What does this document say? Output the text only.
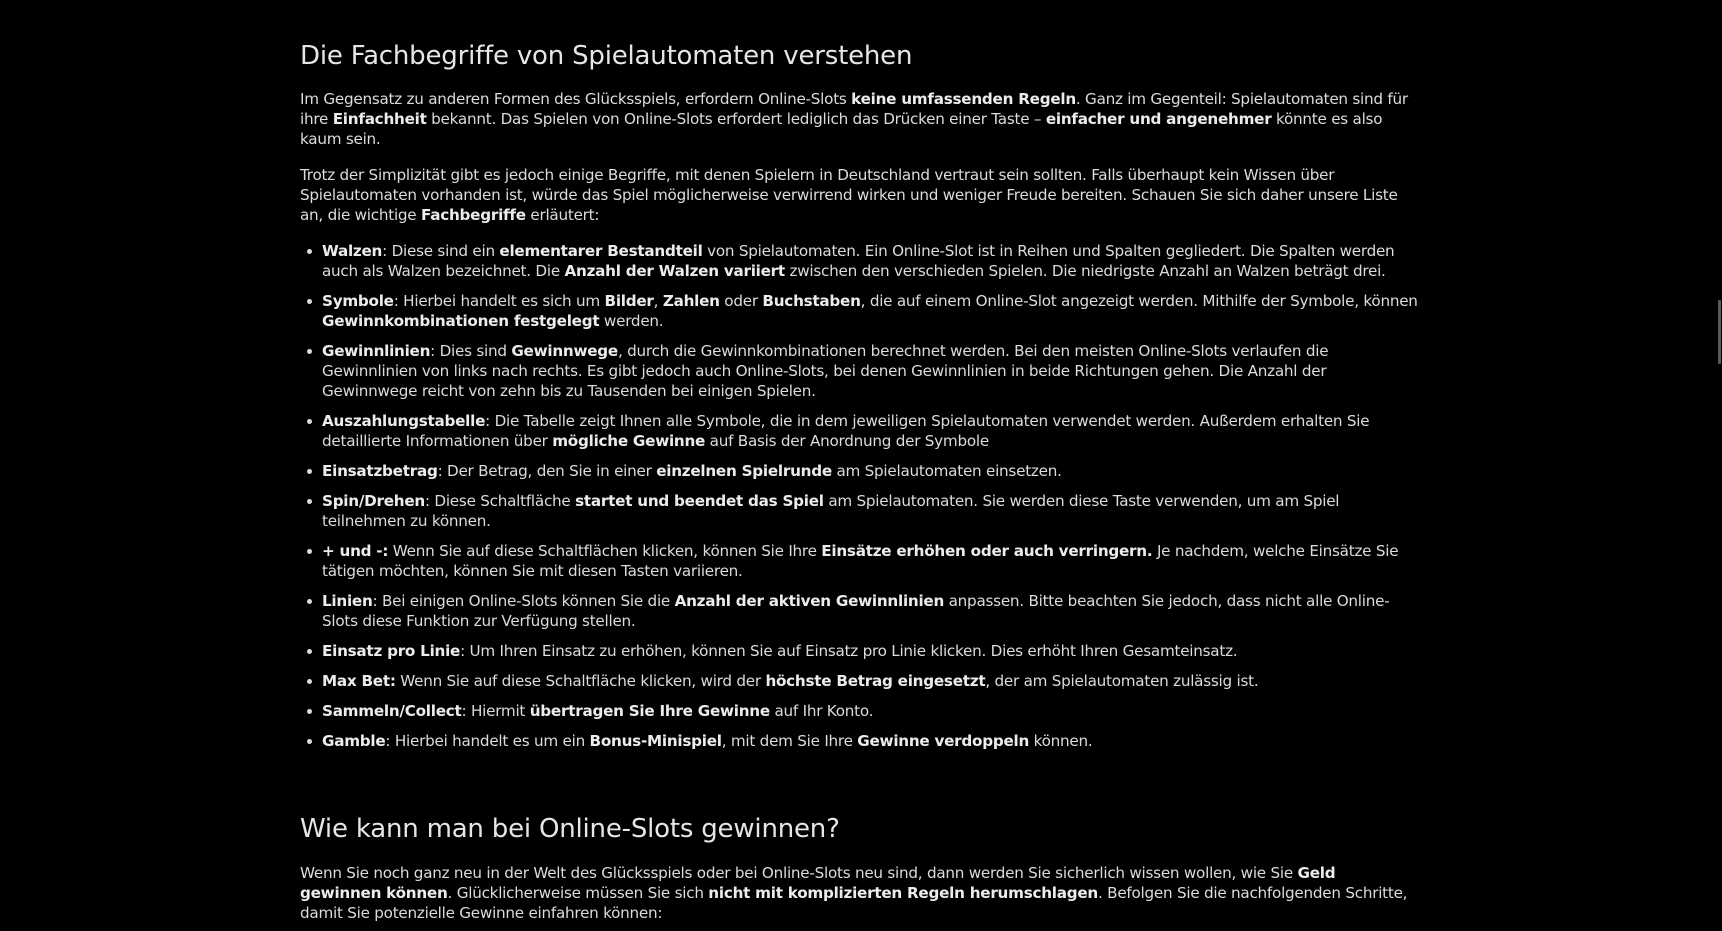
Die Fachbegriffe von Spielautomaten verstehen

Im Gegensatz zu anderen Formen des Glücksspiels, erfordern Online-Slots keine umfassenden Regeln. Ganz im Gegenteil: Spielautomaten sind für ihre Einfachheit bekannt. Das Spielen von Online-Slots erfordert lediglich das Drücken einer Taste – einfacher und angenehmer könnte es also kaum sein.

Trotz der Simplizität gibt es jedoch einige Begriffe, mit denen Spielern in Deutschland vertraut sein sollten. Falls überhaupt kein Wissen über Spielautomaten vorhanden ist, würde das Spiel möglicherweise verwirrend wirken und weniger Freude bereiten. Schauen Sie sich daher unsere Liste an, die wichtige Fachbegriffe erläutert:

Walzen: Diese sind ein elementarer Bestandteil von Spielautomaten. Ein Online-Slot ist in Reihen und Spalten gegliedert. Die Spalten werden auch als Walzen bezeichnet. Die Anzahl der Walzen variiert zwischen den verschieden Spielen. Die niedrigste Anzahl an Walzen beträgt drei.
Symbole: Hierbei handelt es sich um Bilder, Zahlen oder Buchstaben, die auf einem Online-Slot angezeigt werden. Mithilfe der Symbole, können Gewinnkombinationen festgelegt werden.
Gewinnlinien: Dies sind Gewinnwege, durch die Gewinnkombinationen berechnet werden. Bei den meisten Online-Slots verlaufen die Gewinnlinien von links nach rechts. Es gibt jedoch auch Online-Slots, bei denen Gewinnlinien in beide Richtungen gehen. Die Anzahl der Gewinnwege reicht von zehn bis zu Tausenden bei einigen Spielen.
Auszahlungstabelle: Die Tabelle zeigt Ihnen alle Symbole, die in dem jeweiligen Spielautomaten verwendet werden. Außerdem erhalten Sie detaillierte Informationen über mögliche Gewinne auf Basis der Anordnung der Symbole
Einsatzbetrag: Der Betrag, den Sie in einer einzelnen Spielrunde am Spielautomaten einsetzen.
Spin/Drehen: Diese Schaltfläche startet und beendet das Spiel am Spielautomaten. Sie werden diese Taste verwenden, um am Spiel teilnehmen zu können.
+ und -: Wenn Sie auf diese Schaltflächen klicken, können Sie Ihre Einsätze erhöhen oder auch verringern. Je nachdem, welche Einsätze Sie tätigen möchten, können Sie mit diesen Tasten variieren.
Linien: Bei einigen Online-Slots können Sie die Anzahl der aktiven Gewinnlinien anpassen. Bitte beachten Sie jedoch, dass nicht alle Online-Slots diese Funktion zur Verfügung stellen.
Einsatz pro Linie: Um Ihren Einsatz zu erhöhen, können Sie auf Einsatz pro Linie klicken. Dies erhöht Ihren Gesamteinsatz.
Max Bet: Wenn Sie auf diese Schaltfläche klicken, wird der höchste Betrag eingesetzt, der am Spielautomaten zulässig ist.
Sammeln/Collect: Hiermit übertragen Sie Ihre Gewinne auf Ihr Konto.
Gamble: Hierbei handelt es um ein Bonus-Minispiel, mit dem Sie Ihre Gewinne verdoppeln können.
Wie kann man bei Online-Slots gewinnen?

Wenn Sie noch ganz neu in der Welt des Glücksspiels oder bei Online-Slots neu sind, dann werden Sie sicherlich wissen wollen, wie Sie Geld gewinnen können. Glücklicherweise müssen Sie sich nicht mit komplizierten Regeln herumschlagen. Befolgen Sie die nachfolgenden Schritte, damit Sie potenzielle Gewinne einfahren können:
